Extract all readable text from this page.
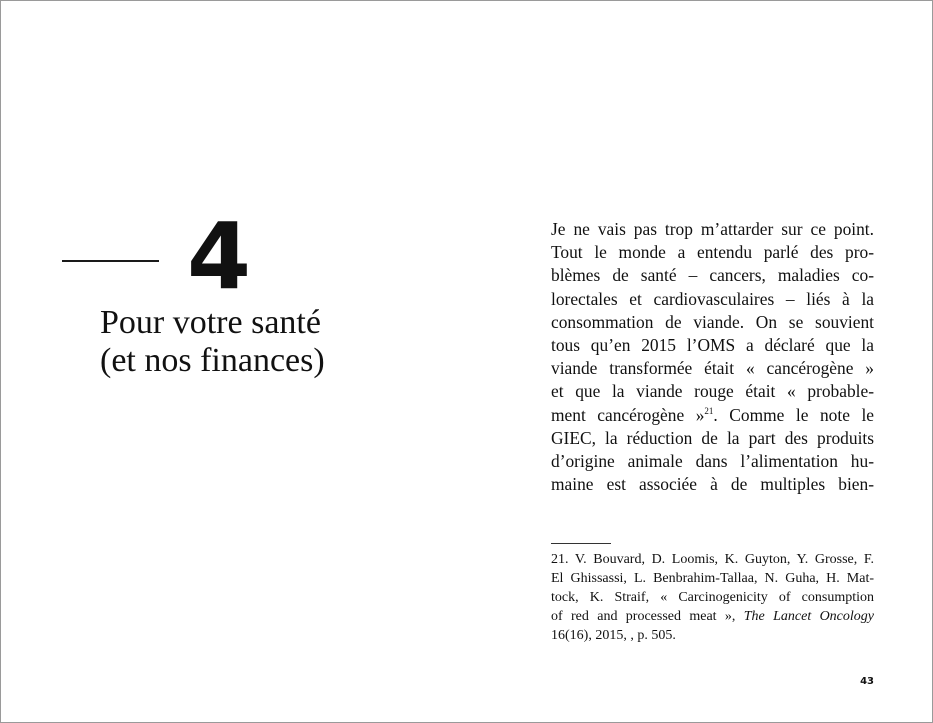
4
Pour votre santé
(et nos finances)
Je ne vais pas trop m’attarder sur ce point.
Tout le monde a entendu parlé des pro-
blèmes de santé – cancers, maladies co-
lorectales et cardiovasculaires – liés à la
consommation de viande. On se souvient
tous qu’en 2015 l’OMS a déclaré que la
viande transformée était « cancérogène »
et que la viande rouge était « probable-
ment cancérogène »$^{21}$. Comme le note le
GIEC, la réduction de la part des produits
d’origine animale dans l’alimentation hu-
maine est associée à de multiples bien-
21. V. Bouvard, D. Loomis, K. Guyton, Y. Grosse, F.
El Ghissassi, L. Benbrahim-Tallaa, N. Guha, H. Mat-
tock, K. Straif, « Carcinogenicity of consumption
of red and processed meat », The Lancet Oncology
16(16), 2015, , p. 505.
43
